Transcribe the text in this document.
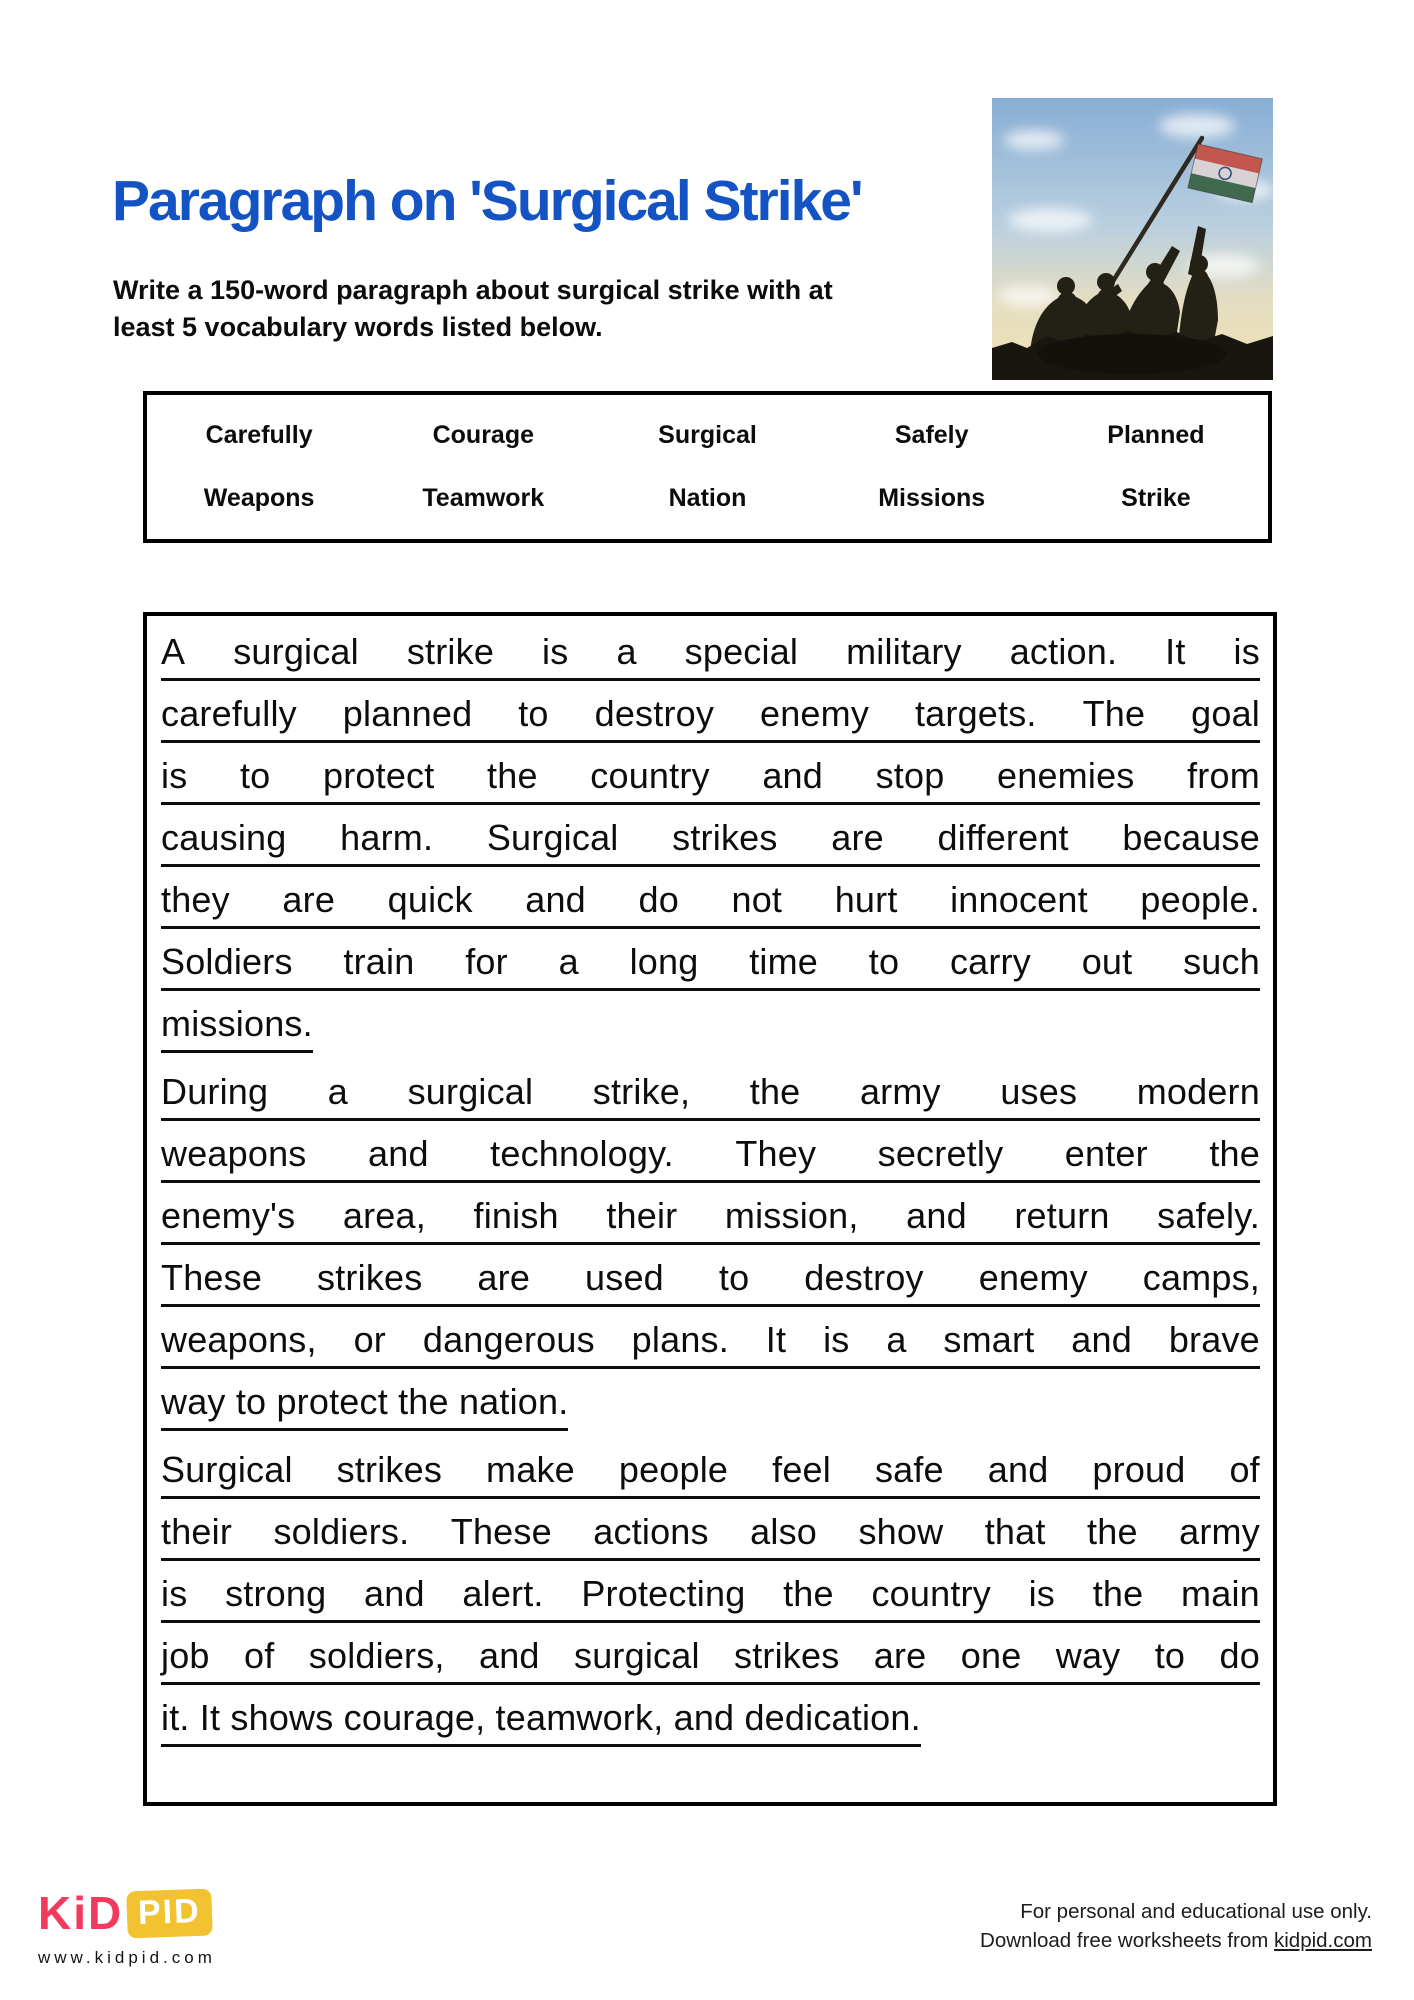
Paragraph on 'Surgical Strike'
Write a 150-word paragraph about surgical strike with at
least 5 vocabulary words listed below.
Carefully	Courage	Surgical	Safely	Planned
Weapons	Teamwork	Nation	Missions	Strike
A surgical strike is a special military action. It is
carefully planned to destroy enemy targets. The goal
is to protect the country and stop enemies from
causing harm. Surgical strikes are different because
they are quick and do not hurt innocent people.
Soldiers train for a long time to carry out such
missions.
During a surgical strike, the army uses modern
weapons and technology. They secretly enter the
enemy's area, finish their mission, and return safely.
These strikes are used to destroy enemy camps,
weapons, or dangerous plans. It is a smart and brave
way to protect the nation.
Surgical strikes make people feel safe and proud of
their soldiers. These actions also show that the army
is strong and alert. Protecting the country is the main
job of soldiers, and surgical strikes are one way to do
it. It shows courage, teamwork, and dedication.
KiD PID
www.kidpid.com
For personal and educational use only.
Download free worksheets from kidpid.com
